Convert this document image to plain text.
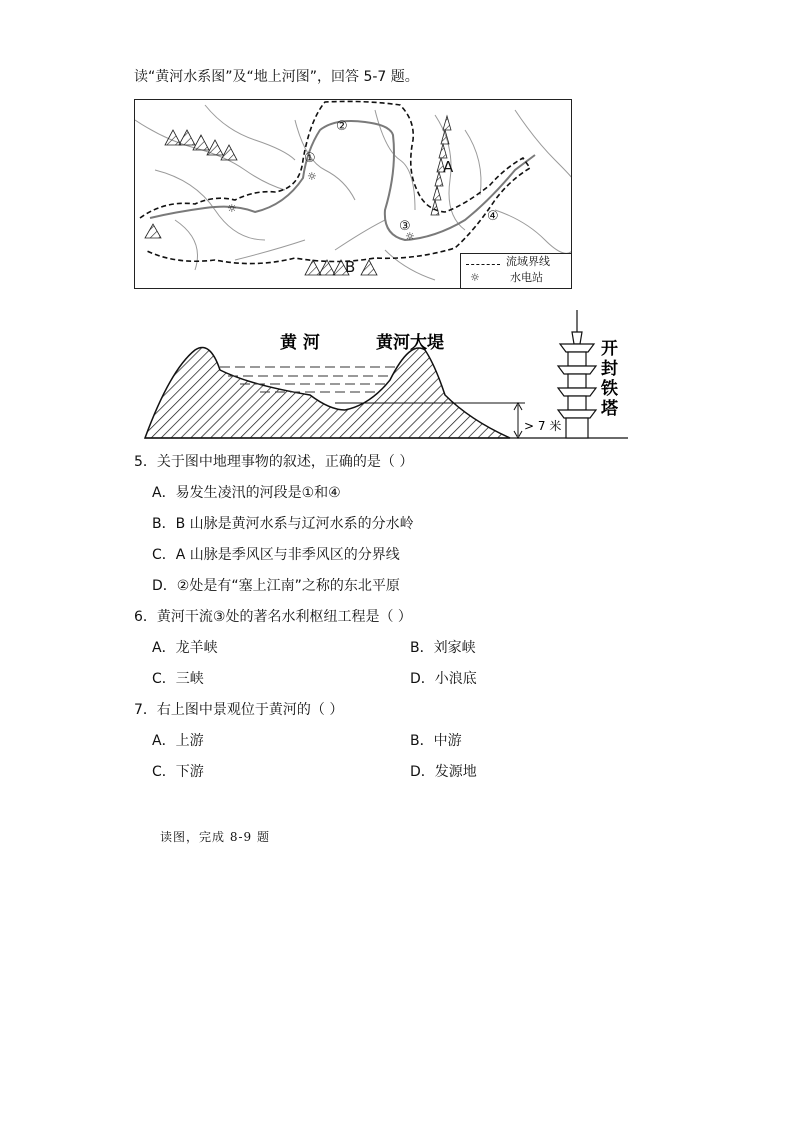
读“黄河水系图”及“地上河图”，回答 5-7 题。
①
②
③
④
A
B
☼
☼
☼
流域界线
☼	水电站
> 7 米
黄 河	黄河大堤	开
封
铁
塔
5．关于图中地理事物的叙述，正确的是（ ）
A．易发生凌汛的河段是①和④
B．B 山脉是黄河水系与辽河水系的分水岭
C．A 山脉是季风区与非季风区的分界线
D．②处是有“塞上江南”之称的东北平原
6．黄河干流③处的著名水利枢纽工程是（ ）
A．龙羊峡	B．刘家峡
C．三峡	D．小浪底
7．右上图中景观位于黄河的（ ）
A．上游	B．中游
C．下游	D．发源地
读图，完成 8-9 题
